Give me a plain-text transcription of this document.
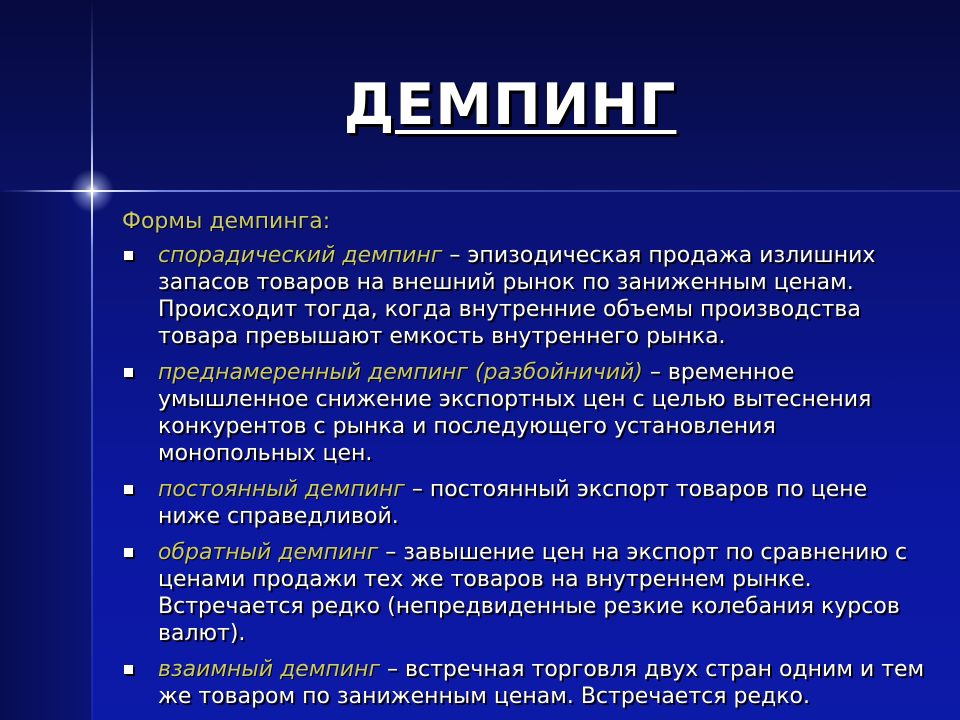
ДЕМПИНГ
Формы демпинга:
спорадический демпинг – эпизодическая продажа излишних запасов товаров на внешний рынок по заниженным ценам. Происходит тогда, когда внутренние объемы производства товара превышают емкость внутреннего рынка.
преднамеренный демпинг (разбойничий) – временное умышленное снижение экспортных цен с целью вытеснения конкурентов с рынка и последующего установления монопольных цен.
постоянный демпинг – постоянный экспорт товаров по цене ниже справедливой.
обратный демпинг – завышение цен на экспорт по сравнению с ценами продажи тех же товаров на внутреннем рынке. Встречается редко (непредвиденные резкие колебания курсов валют).
взаимный демпинг – встречная торговля двух стран одним и тем же товаром по заниженным ценам. Встречается редко.
